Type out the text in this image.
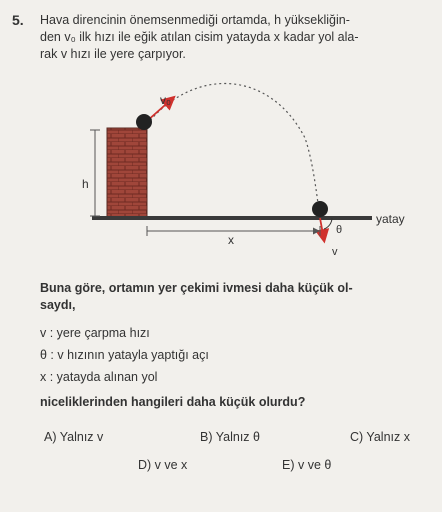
5. Hava direncinin önemsenmediği ortamda, h yüksekliğin-
den v₀ ilk hızı ile eğik atılan cisim yatayda x kadar yol ala-
rak v hızı ile yere çarpıyor.
v₀
h
x
θ
v
yatay
Buna göre, ortamın yer çekimi ivmesi daha küçük ol-
saydı,
v : yere çarpma hızı
θ : v hızının yatayla yaptığı açı
x : yatayda alınan yol
niceliklerinden hangileri daha küçük olurdu?
A) Yalnız v	B) Yalnız θ	C) Yalnız x
D) v ve x	E) v ve θ
